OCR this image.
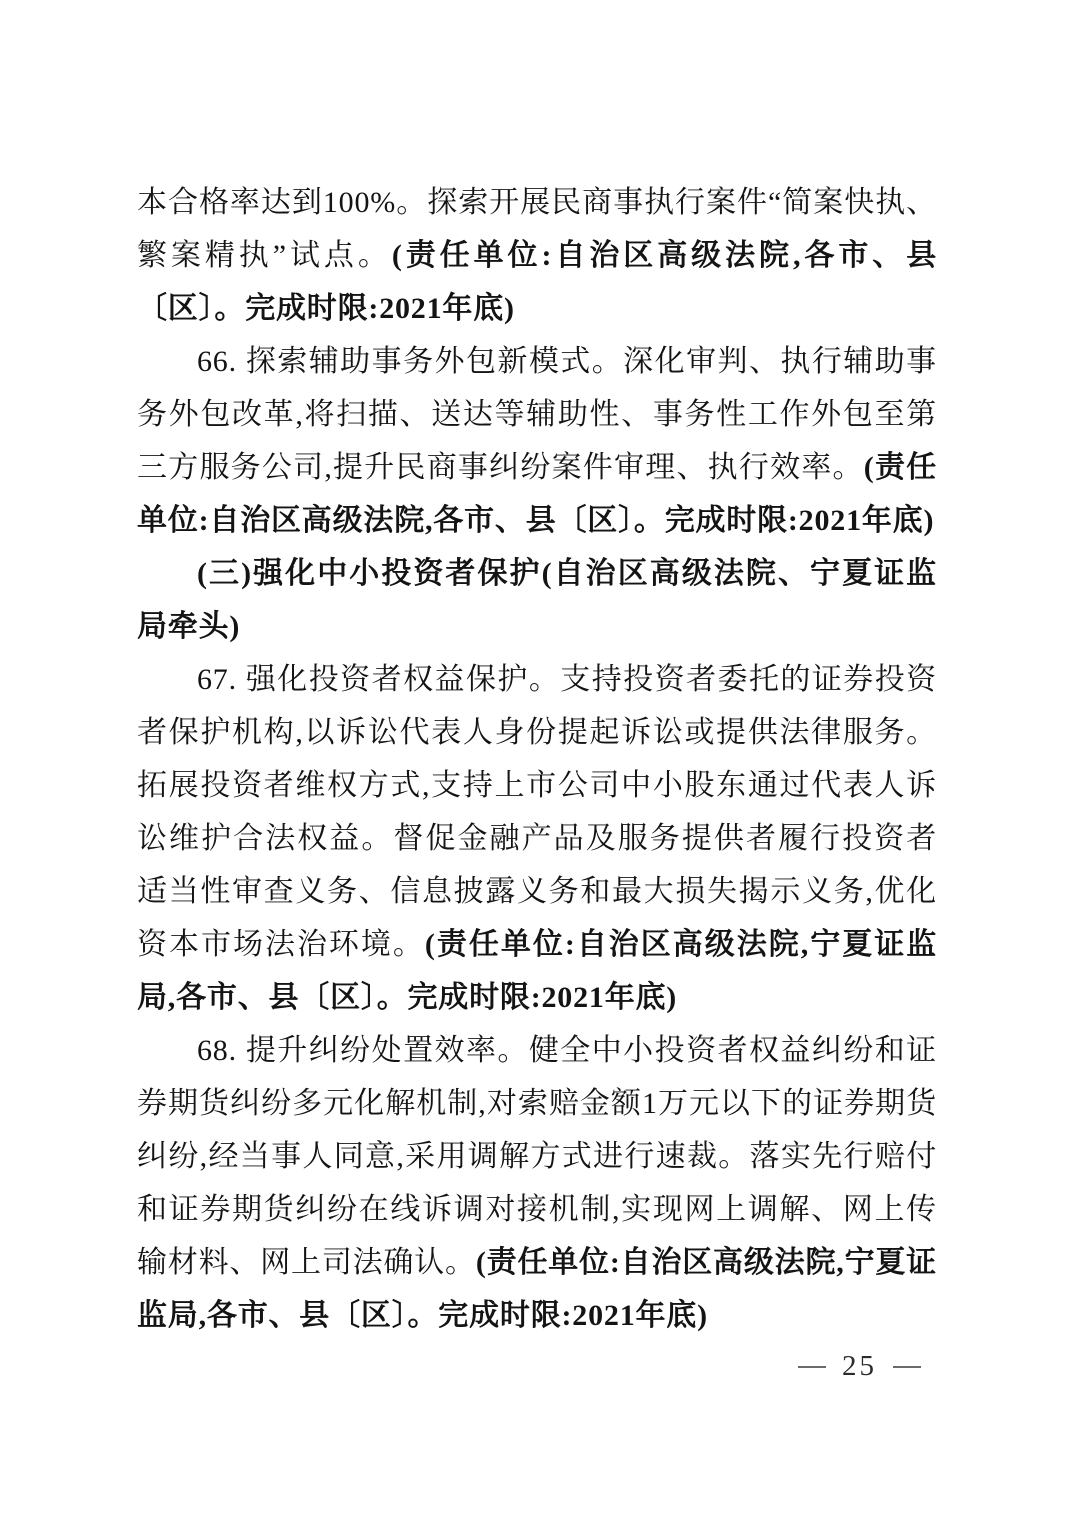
本合格率达到100%。探索开展民商事执行案件“简案快执、繁案精执”试点。(责任单位:自治区高级法院,各市、县〔区〕。完成时限:2021年底)

66. 探索辅助事务外包新模式。深化审判、执行辅助事务外包改革,将扫描、送达等辅助性、事务性工作外包至第三方服务公司,提升民商事纠纷案件审理、执行效率。(责任单位:自治区高级法院,各市、县〔区〕。完成时限:2021年底)

(三)强化中小投资者保护(自治区高级法院、宁夏证监局牵头)

67. 强化投资者权益保护。支持投资者委托的证券投资者保护机构,以诉讼代表人身份提起诉讼或提供法律服务。拓展投资者维权方式,支持上市公司中小股东通过代表人诉讼维护合法权益。督促金融产品及服务提供者履行投资者适当性审查义务、信息披露义务和最大损失揭示义务,优化资本市场法治环境。(责任单位:自治区高级法院,宁夏证监局,各市、县〔区〕。完成时限:2021年底)

68. 提升纠纷处置效率。健全中小投资者权益纠纷和证券期货纠纷多元化解机制,对索赔金额1万元以下的证券期货纠纷,经当事人同意,采用调解方式进行速裁。落实先行赔付和证券期货纠纷在线诉调对接机制,实现网上调解、网上传输材料、网上司法确认。(责任单位:自治区高级法院,宁夏证监局,各市、县〔区〕。完成时限:2021年底)

25
